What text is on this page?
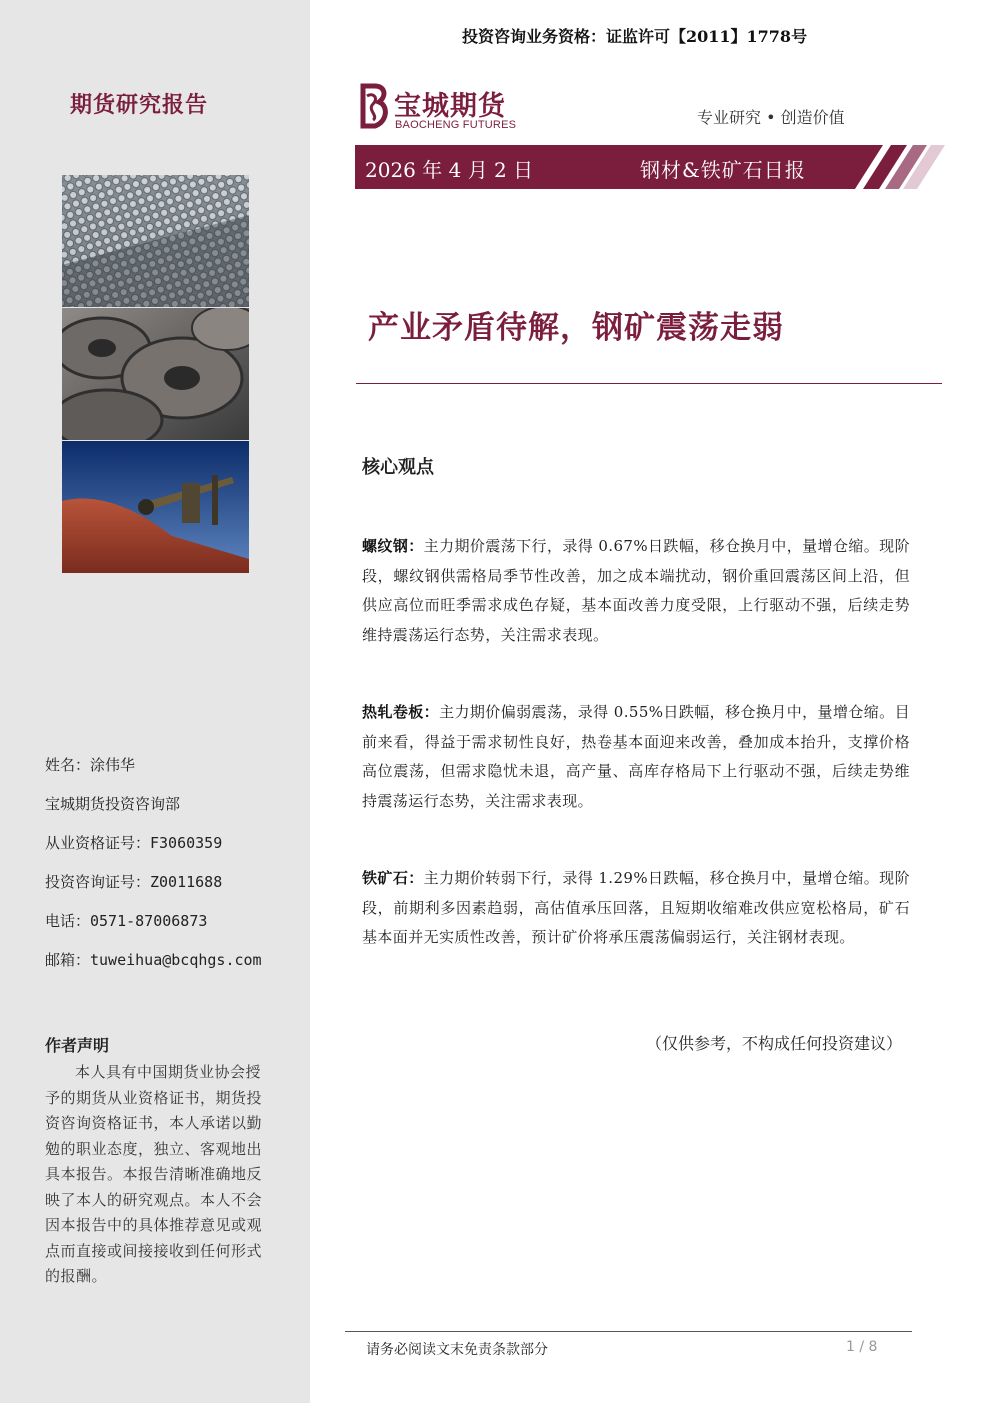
期货研究报告
姓名：涂伟华
宝城期货投资咨询部
从业资格证号：F3060359
投资咨询证号：Z0011688
电话：0571-87006873
邮箱：tuweihua@bcqhgs.com
作者声明
本人具有中国期货业协会授予的期货从业资格证书，期货投资咨询资格证书，本人承诺以勤勉的职业态度，独立、客观地出具本报告。本报告清晰准确地反映了本人的研究观点。本人不会因本报告中的具体推荐意见或观点而直接或间接接收到任何形式的报酬。
投资咨询业务资格：证监许可【2011】1778号
宝城期货
BAOCHENG FUTURES	专业研究 • 创造价值
2026 年 4 月 2 日	钢材&铁矿石日报
产业矛盾待解，钢矿震荡走弱
核心观点
螺纹钢：主力期价震荡下行，录得 0.67%日跌幅，移仓换月中，量增仓缩。现阶段，螺纹钢供需格局季节性改善，加之成本端扰动，钢价重回震荡区间上沿，但供应高位而旺季需求成色存疑，基本面改善力度受限，上行驱动不强，后续走势维持震荡运行态势，关注需求表现。
热轧卷板：主力期价偏弱震荡，录得 0.55%日跌幅，移仓换月中，量增仓缩。目前来看，得益于需求韧性良好，热卷基本面迎来改善，叠加成本抬升，支撑价格高位震荡，但需求隐忧未退，高产量、高库存格局下上行驱动不强，后续走势维持震荡运行态势，关注需求表现。
铁矿石：主力期价转弱下行，录得 1.29%日跌幅，移仓换月中，量增仓缩。现阶段，前期利多因素趋弱，高估值承压回落，且短期收缩难改供应宽松格局，矿石基本面并无实质性改善，预计矿价将承压震荡偏弱运行，关注钢材表现。
（仅供参考，不构成任何投资建议）
请务必阅读文末免责条款部分	1 / 8
